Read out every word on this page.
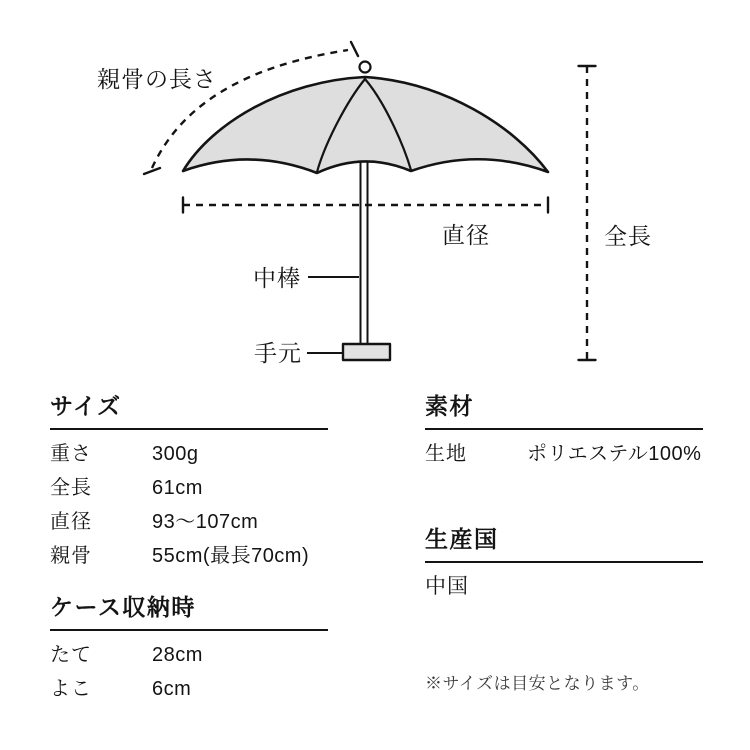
親骨の長さ
直径	全長
中棒
手元
サイズ
重さ	300g
全長	61cm
直径	93〜107cm
親骨	55cm(最長70cm)
ケース収納時
たて	28cm
よこ	6cm
素材
生地	ポリエステル100%
生産国
中国
※サイズは目安となります。
